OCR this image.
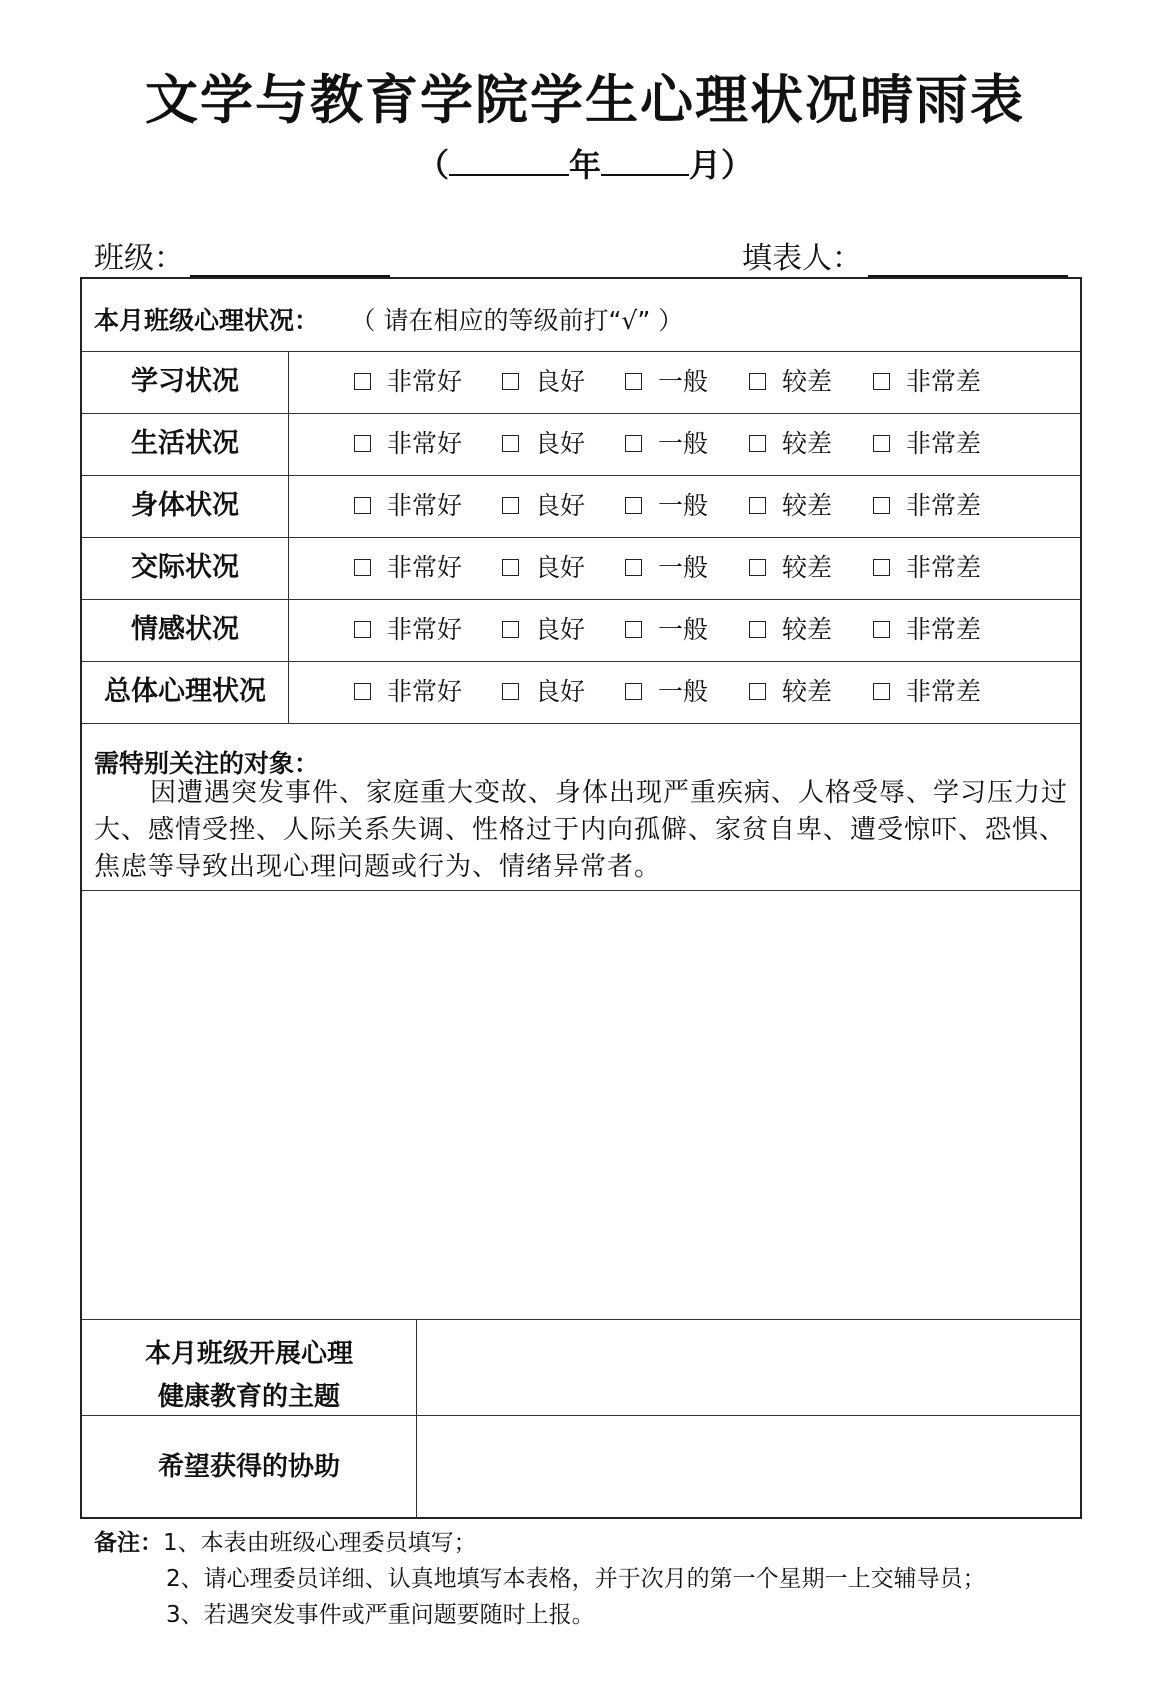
文学与教育学院学生心理状况晴雨表
（	年	月）
班级：	填表人：
本月班级心理状况： （ 请在相应的等级前打“√” ）
学习状况	非常好	良好	一般	较差	非常差
生活状况	非常好	良好	一般	较差	非常差
身体状况	非常好	良好	一般	较差	非常差
交际状况	非常好	良好	一般	较差	非常差
情感状况	非常好	良好	一般	较差	非常差
总体心理状况	非常好	良好	一般	较差	非常差
需特别关注的对象：
因遭遇突发事件、家庭重大变故、身体出现严重疾病、人格受辱、学习压力过大、感情受挫、人际关系失调、性格过于内向孤僻、家贫自卑、遭受惊吓、恐惧、焦虑等导致出现心理问题或行为、情绪异常者。
本月班级开展心理
健康教育的主题
希望获得的协助
备注：1、本表由班级心理委员填写；
2、请心理委员详细、认真地填写本表格，并于次月的第一个星期一上交辅导员；
3、若遇突发事件或严重问题要随时上报。
